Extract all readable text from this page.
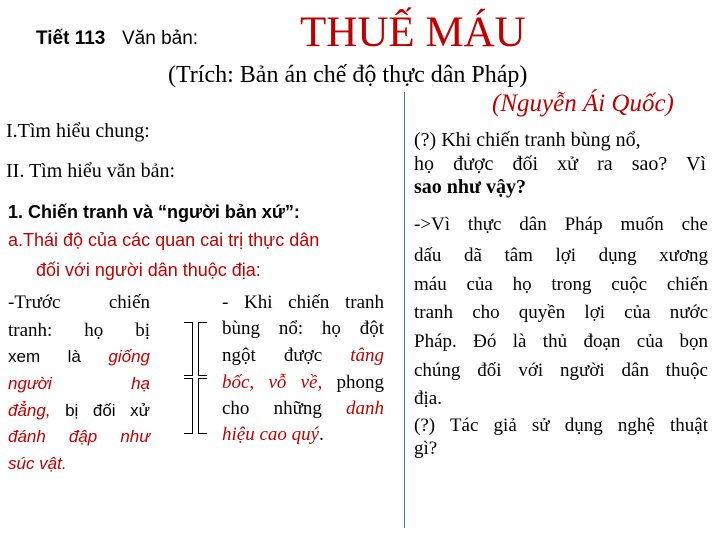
Tiết 113 Văn bản: THUẾ MÁU
(Trích: Bản án chế độ thực dân Pháp)
(Nguyễn Ái Quốc)
I.Tìm hiểu chung:
II. Tìm hiểu văn bản:
1. Chiến tranh và “người bản xứ”:
a.Thái độ của các quan cai trị thực dân
đối với người dân thuộc địa:
-Trước chiến
tranh: họ bị
xem là giống
người hạ
đẳng, bị đối xử
đánh đập như
súc vật.
- Khi chiến tranh
bùng nổ: họ đột
ngột được tâng
bốc, vỗ về, phong
cho những danh
hiệu cao quý.
(?) Khi chiến tranh bùng nổ,
họ được đối xử ra sao? Vì
sao như vậy?
->Vì thực dân Pháp muốn che
dấu dã tâm lợi dụng xương
máu của họ trong cuộc chiến
tranh cho quyền lợi của nước
Pháp. Đó là thủ đoạn của bọn
chúng đối với người dân thuộc
địa.
(?) Tác giả sử dụng nghệ thuật
gì?
